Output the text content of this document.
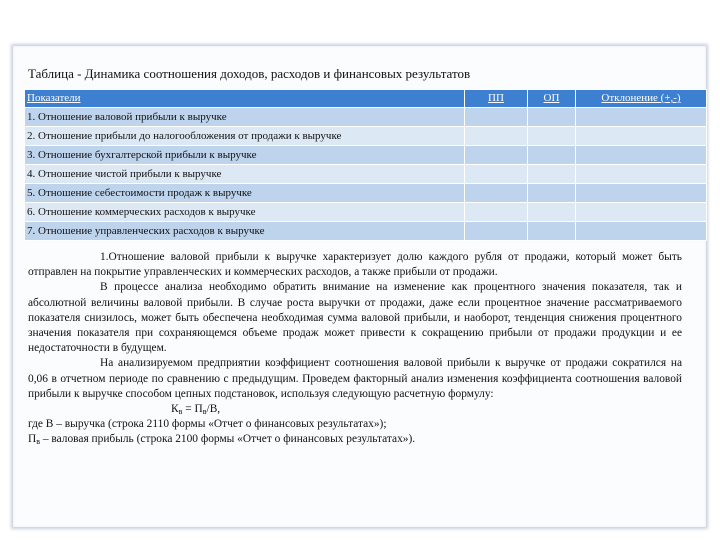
Таблица - Динамика соотношения доходов, расходов и финансовых результатов
Показатели	ПП	ОП	Отклонение (+,-)
1. Отношение валовой прибыли к выручке			
2. Отношение прибыли до налогообложения от продажи к выручке			
3. Отношение бухгалтерской прибыли к выручке			
4. Отношение чистой прибыли к выручке			
5. Отношение себестоимости продаж к выручке			
6. Отношение коммерческих расходов к выручке			
7. Отношение управленческих расходов к выручке			

1.Отношение валовой прибыли к выручке характеризует долю каждого рубля от продажи, который может быть отправлен на покрытие управленческих и коммерческих расходов, а также прибыли от продажи.

В процессе анализа необходимо обратить внимание на изменение как процентного значения показателя, так и абсолютной величины валовой прибыли. В случае роста выручки от продажи, даже если процентное значение рассматриваемого показателя снизилось, может быть обеспечена необходимая сумма валовой прибыли, и наоборот, тенденция снижения процентного значения показателя при сохраняющемся объеме продаж может привести к сокращению прибыли от продажи продукции и ее недостаточности в будущем.

На анализируемом предприятии коэффициент соотношения валовой прибыли к выручке от продажи сократился на 0,06 в отчетном периоде по сравнению с предыдущим. Проведем факторный анализ изменения коэффициента соотношения валовой прибыли к выручке способом цепных подстановок, используя следующую расчетную формулу:

$К_в = П_в/В$,

где В – выручка (строка 2110 формы «Отчет о финансовых результатах»);

$П_в$ – валовая прибыль (строка 2100 формы «Отчет о финансовых результатах»).
